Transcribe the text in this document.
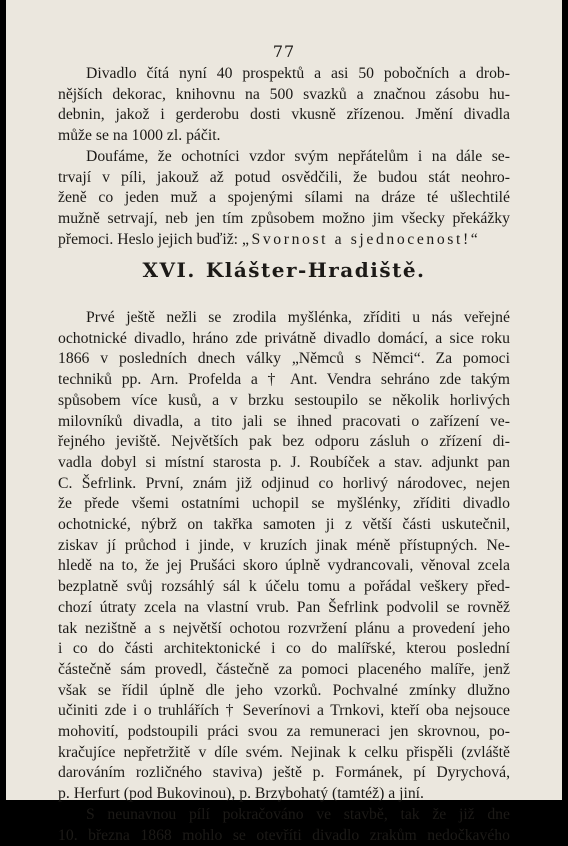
77
Divadlo čítá nyní 40 prospektů a asi 50 pobočních a drob-
nějších dekorac, knihovnu na 500 svazků a značnou zásobu hu-
debnin, jakož i gerderobu dosti vkusně zřízenou. Jmění divadla
může se na 1000 zl. páčit.
Doufáme, že ochotníci vzdor svým nepřátelům i na dále se-
trvají v píli, jakouž až potud osvědčili, že budou stát neohro-
ženě co jeden muž a spojenými sílami na dráze té ušlechtilé
mužně setrvají, neb jen tím způsobem možno jim všecky překážky
přemoci. Heslo jejich buďiž: „Svornost a sjednocenost!“
XVI. Klášter-Hradiště.
Prvé ještě nežli se zrodila myšlénka, zříditi u nás veřejné
ochotnické divadlo, hráno zde privátně divadlo domácí, a sice roku
1866 v posledních dnech války „Němců s Němci“. Za pomoci
techniků pp. Arn. Profelda a † Ant. Vendra sehráno zde takým
spůsobem více kusů, a v brzku sestoupilo se několik horlivých
milovníků divadla, a tito jali se ihned pracovati o zařízení ve-
řejného jeviště. Největších pak bez odporu zásluh o zřízení di-
vadla dobyl si místní starosta p. J. Roubíček a stav. adjunkt pan
C. Šefrlink. První, znám již odjinud co horlivý národovec, nejen
že přede všemi ostatními uchopil se myšlénky, zříditi divadlo
ochotnické, nýbrž on takřka samoten ji z větší části uskutečnil,
ziskav jí průchod i jinde, v kruzích jinak méně přístupných. Ne-
hledě na to, že jej Prušáci skoro úplně vydrancovali, věnoval zcela
bezplatně svůj rozsáhlý sál k účelu tomu a pořádal veškery před-
chozí útraty zcela na vlastní vrub. Pan Šefrlink podvolil se rovněž
tak nezištně a s největší ochotou rozvržení plánu a provedení jeho
i co do části architektonické i co do malířské, kterou poslední
částečně sám provedl, částečně za pomoci placeného malíře, jenž
však se řídil úplně dle jeho vzorků. Pochvalné zmínky dlužno
učiniti zde i o truhlářích † Severínovi a Trnkovi, kteří oba nejsouce
mohovití, podstoupili práci svou za remuneraci jen skrovnou, po-
kračujíce nepřetržitě v díle svém. Nejinak k celku přispěli (zvláště
darováním rozličného staviva) ještě p. Formánek, pí Dyrychová,
p. Herfurt (pod Bukovinou), p. Brzybohatý (tamtéž) a jiní.
S neunavnou pílí pokračováno ve stavbě, tak že již dne
10. března 1868 mohlo se otevříti divadlo zrakům nedočkavého
